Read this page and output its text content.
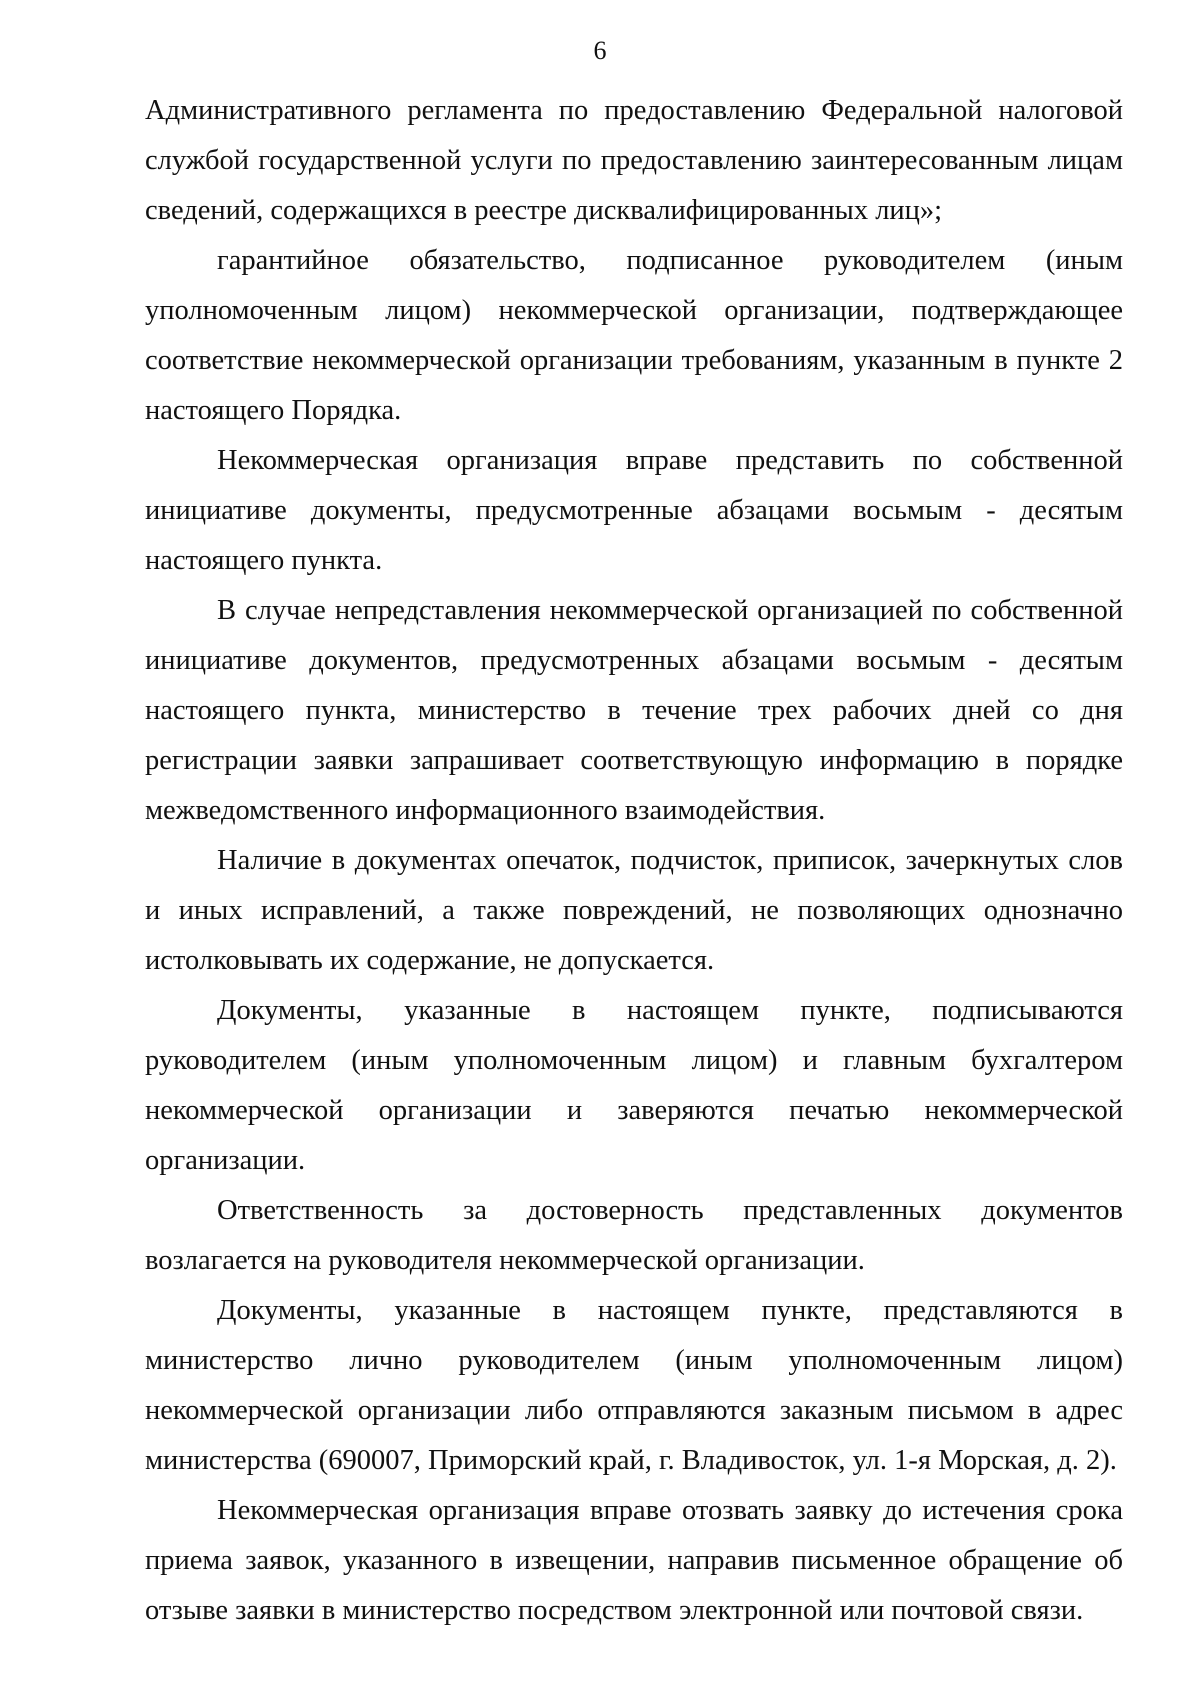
6

Административного регламента по предоставлению Федеральной налоговой службой государственной услуги по предоставлению заинтересованным лицам сведений, содержащихся в реестре дисквалифицированных лиц»;

гарантийное обязательство, подписанное руководителем (иным уполномоченным лицом) некоммерческой организации, подтверждающее соответствие некоммерческой организации требованиям, указанным в пункте 2 настоящего Порядка.

Некоммерческая организация вправе представить по собственной инициативе документы, предусмотренные абзацами восьмым - десятым настоящего пункта.

В случае непредставления некоммерческой организацией по собственной инициативе документов, предусмотренных абзацами восьмым - десятым настоящего пункта, министерство в течение трех рабочих дней со дня регистрации заявки запрашивает соответствующую информацию в порядке межведомственного информационного взаимодействия.

Наличие в документах опечаток, подчисток, приписок, зачеркнутых слов и иных исправлений, а также повреждений, не позволяющих однозначно истолковывать их содержание, не допускается.

Документы, указанные в настоящем пункте, подписываются руководителем (иным уполномоченным лицом) и главным бухгалтером некоммерческой организации и заверяются печатью некоммерческой организации.

Ответственность за достоверность представленных документов возлагается на руководителя некоммерческой организации.

Документы, указанные в настоящем пункте, представляются в министерство лично руководителем (иным уполномоченным лицом) некоммерческой организации либо отправляются заказным письмом в адрес министерства (690007, Приморский край, г. Владивосток, ул. 1-я Морская, д. 2).

Некоммерческая организация вправе отозвать заявку до истечения срока приема заявок, указанного в извещении, направив письменное обращение об отзыве заявки в министерство посредством электронной или почтовой связи.
